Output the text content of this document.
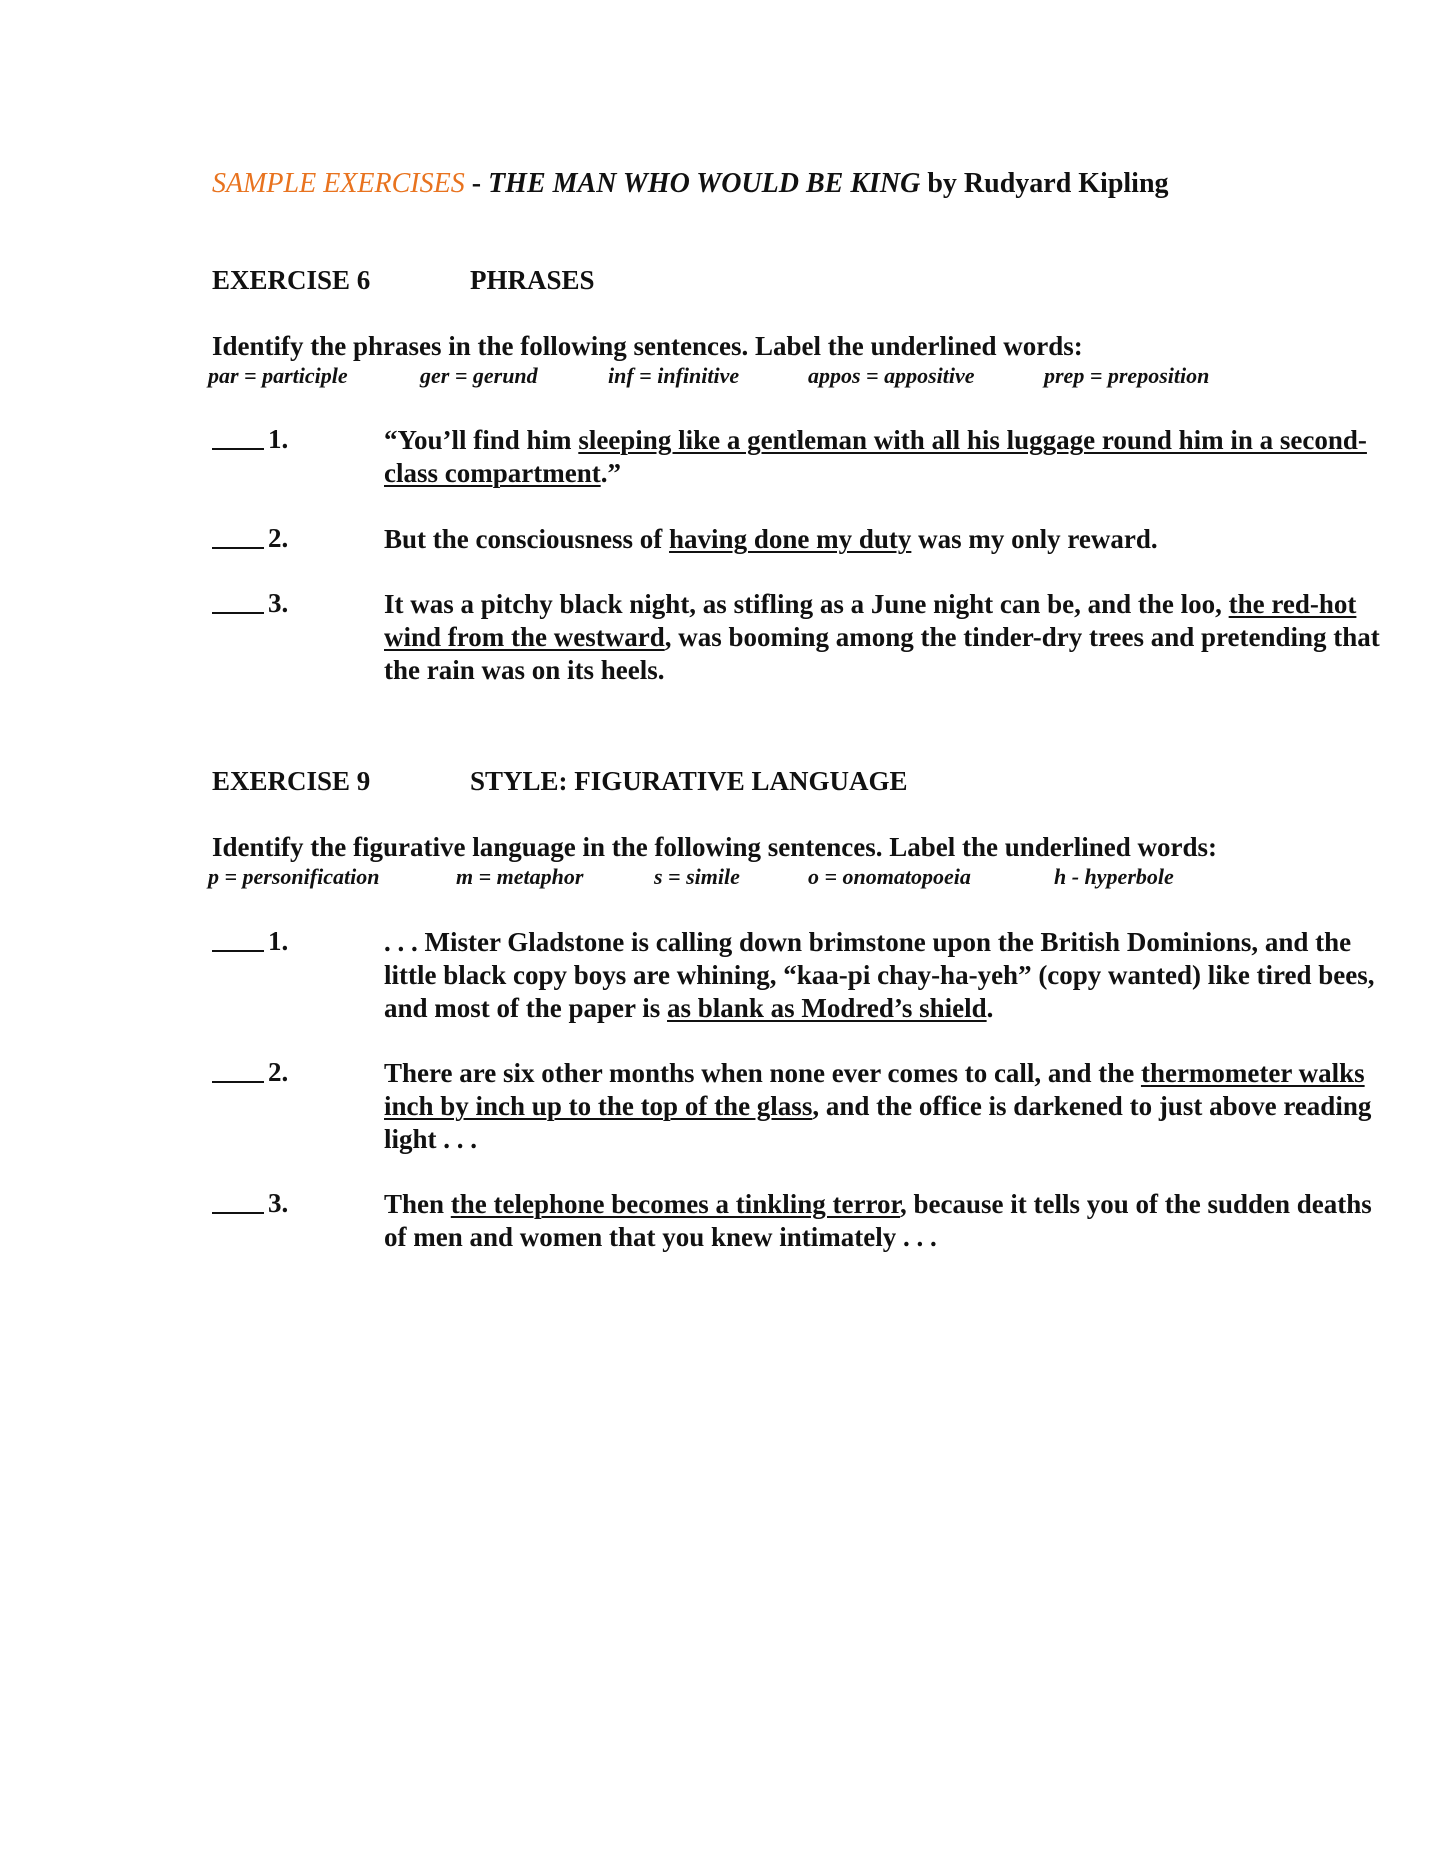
SAMPLE EXERCISES - THE MAN WHO WOULD BE KING by Rudyard Kipling
EXERCISE 6	PHRASES
Identify the phrases in the following sentences. Label the underlined words:
par = participle	ger = gerund	inf = infinitive	appos = appositive	prep = preposition
1.	“You’ll find him sleeping like a gentleman with all his luggage round him in a second-class compartment.”
2.	But the consciousness of having done my duty was my only reward.
3.	It was a pitchy black night, as stifling as a June night can be, and the loo, the red-hot wind from the westward, was booming among the tinder-dry trees and pretending that the rain was on its heels.
EXERCISE 9	STYLE: FIGURATIVE LANGUAGE
Identify the figurative language in the following sentences. Label the underlined words:
p = personification	m = metaphor	s = simile	o = onomatopoeia	h - hyperbole
1.	. . . Mister Gladstone is calling down brimstone upon the British Dominions, and the little black copy boys are whining, “kaa-pi chay-ha-yeh” (copy wanted) like tired bees, and most of the paper is as blank as Modred’s shield.
2.	There are six other months when none ever comes to call, and the thermometer walks inch by inch up to the top of the glass, and the office is darkened to just above reading light . . .
3.	Then the telephone becomes a tinkling terror, because it tells you of the sudden deaths of men and women that you knew intimately . . .
